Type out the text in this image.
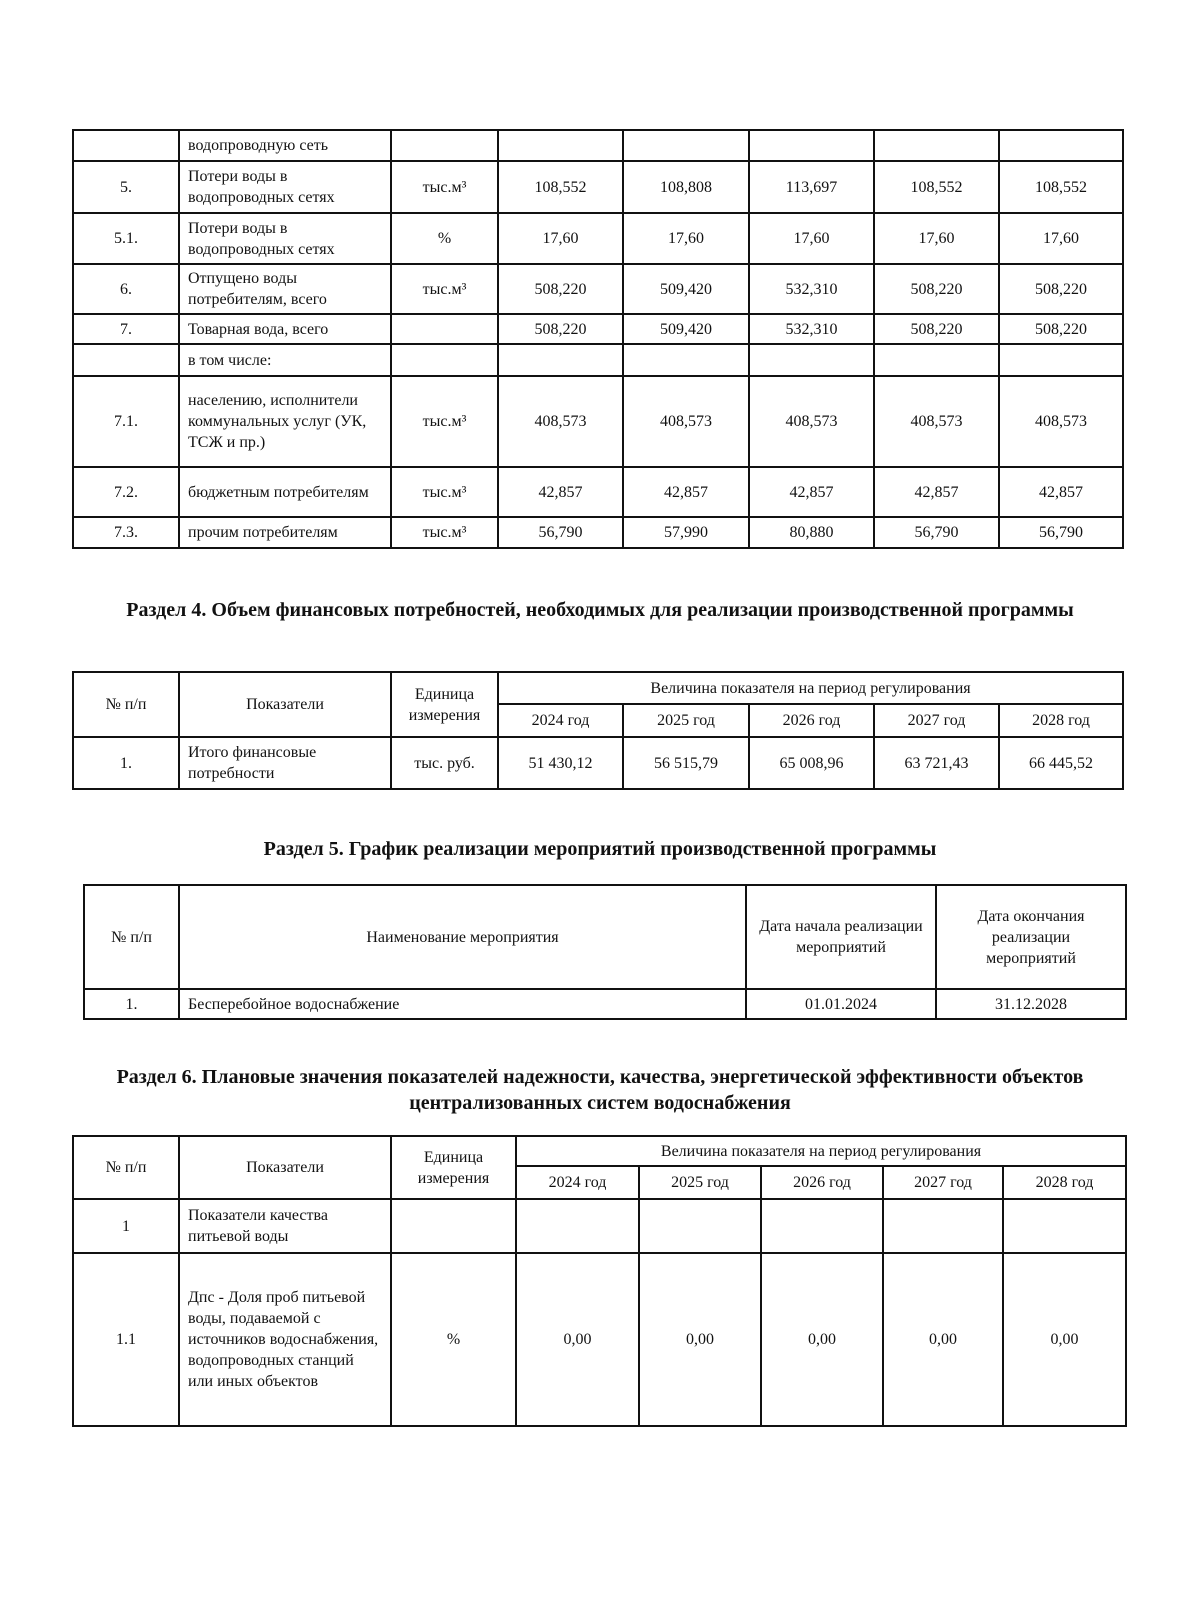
	водопроводную сеть						
5.	Потери воды в водопроводных сетях	тыс.м³	108,552	108,808	113,697	108,552	108,552
5.1.	Потери воды в водопроводных сетях	%	17,60	17,60	17,60	17,60	17,60
6.	Отпущено воды потребителям, всего	тыс.м³	508,220	509,420	532,310	508,220	508,220
7.	Товарная вода, всего		508,220	509,420	532,310	508,220	508,220
	в том числе:						
7.1.	населению, исполнители коммунальных услуг (УК, ТСЖ и пр.)	тыс.м³	408,573	408,573	408,573	408,573	408,573
7.2.	бюджетным потребителям	тыс.м³	42,857	42,857	42,857	42,857	42,857
7.3.	прочим потребителям	тыс.м³	56,790	57,990	80,880	56,790	56,790
Раздел 4. Объем финансовых потребностей, необходимых для реализации производственной программы
№ п/п	Показатели	Единица измерения	Величина показателя на период регулирования				
			2024 год	2025 год	2026 год	2027 год	2028 год
1.	Итого финансовые потребности	тыс. руб.	51 430,12	56 515,79	65 008,96	63 721,43	66 445,52
Раздел 5. График реализации мероприятий производственной программы
№ п/п	Наименование мероприятия	Дата начала реализации мероприятий	Дата окончания реализации мероприятий
1.	Бесперебойное водоснабжение	01.01.2024	31.12.2028
Раздел 6. Плановые значения показателей надежности, качества, энергетической эффективности объектов централизованных систем водоснабжения
№ п/п	Показатели	Единица измерения	Величина показателя на период регулирования				
			2024 год	2025 год	2026 год	2027 год	2028 год
1	Показатели качества питьевой воды						
1.1	Дпс - Доля проб питьевой воды, подаваемой с источников водоснабжения, водопроводных станций или иных объектов	%	0,00	0,00	0,00	0,00	0,00
